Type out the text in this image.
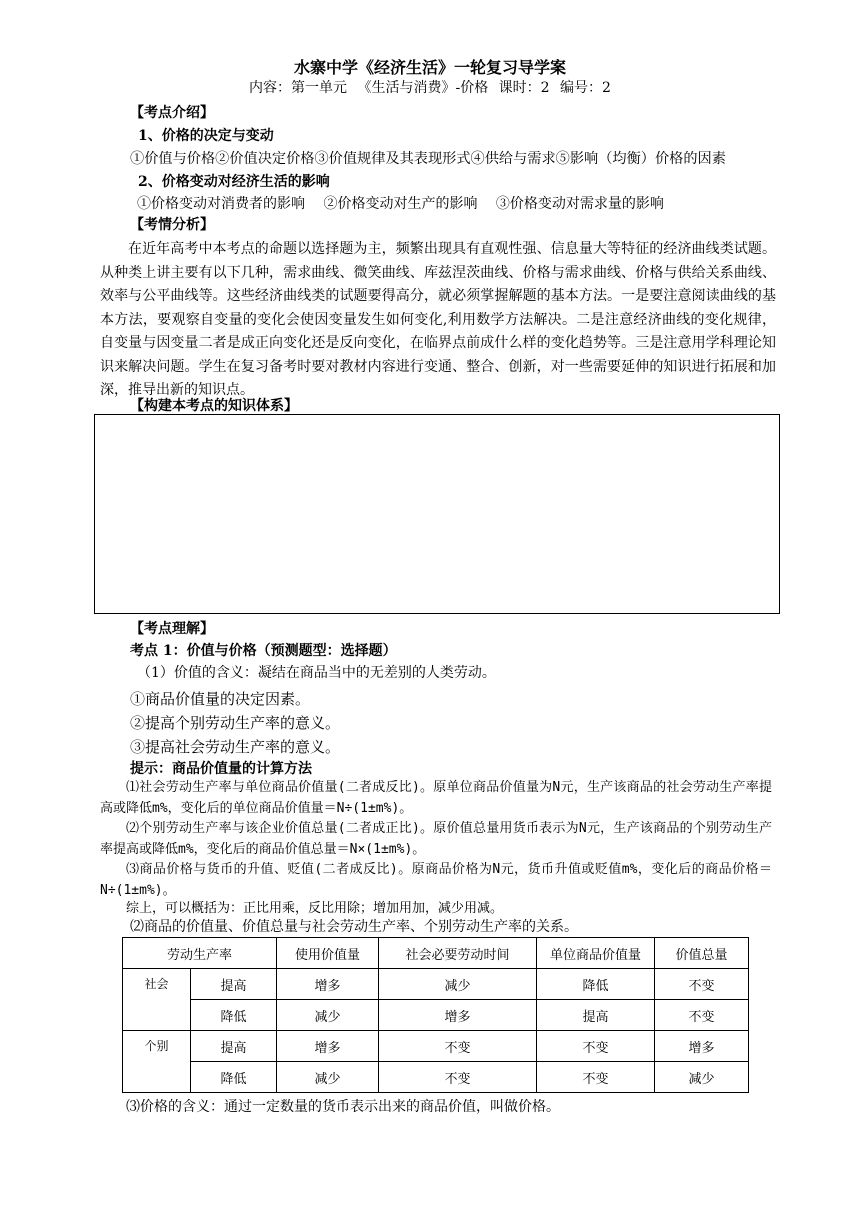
水寨中学《经济生活》一轮复习导学案
内容：第一单元 《生活与消费》-价格 课时：2 编号：2
【考点介绍】
1、价格的决定与变动
①价值与价格②价值决定价格③价值规律及其表现形式④供给与需求⑤影响（均衡）价格的因素
2、价格变动对经济生活的影响
①价格变动对消费者的影响 ②价格变动对生产的影响 ③价格变动对需求量的影响
【考情分析】
在近年高考中本考点的命题以选择题为主，频繁出现具有直观性强、信息量大等特征的经济曲线类试题。从种类上讲主要有以下几种，需求曲线、微笑曲线、库兹涅茨曲线、价格与需求曲线、价格与供给关系曲线、效率与公平曲线等。这些经济曲线类的试题要得高分，就必须掌握解题的基本方法。一是要注意阅读曲线的基本方法，要观察自变量的变化会使因变量发生如何变化,利用数学方法解决。二是注意经济曲线的变化规律，自变量与因变量二者是成正向变化还是反向变化，在临界点前成什么样的变化趋势等。三是注意用学科理论知识来解决问题。学生在复习备考时要对教材内容进行变通、整合、创新，对一些需要延伸的知识进行拓展和加深，推导出新的知识点。
【构建本考点的知识体系】
【考点理解】
考点 1：价值与价格（预测题型：选择题）
（1）价值的含义：凝结在商品当中的无差别的人类劳动。
①商品价值量的决定因素。
②提高个别劳动生产率的意义。
③提高社会劳动生产率的意义。
提示：商品价值量的计算方法
⑴社会劳动生产率与单位商品价值量(二者成反比)。原单位商品价值量为N元，生产该商品的社会劳动生产率提高或降低m%，变化后的单位商品价值量＝N÷(1±m%)。
⑵个别劳动生产率与该企业价值总量(二者成正比)。原价值总量用货币表示为N元，生产该商品的个别劳动生产率提高或降低m%，变化后的商品价值总量＝N×(1±m%)。
⑶商品价格与货币的升值、贬值(二者成反比)。原商品价格为N元，货币升值或贬值m%，变化后的商品价格＝N÷(1±m%)。
综上，可以概括为：正比用乘，反比用除；增加用加，减少用减。
⑵商品的价值量、价值总量与社会劳动生产率、个别劳动生产率的关系。
劳动生产率		使用价值量	社会必要劳动时间	单位商品价值量	价值总量
社会	提高	增多	减少	降低	不变
	降低	减少	增多	提高	不变
个别	提高	增多	不变	不变	增多
	降低	减少	不变	不变	减少
⑶价格的含义：通过一定数量的货币表示出来的商品价值，叫做价格。
